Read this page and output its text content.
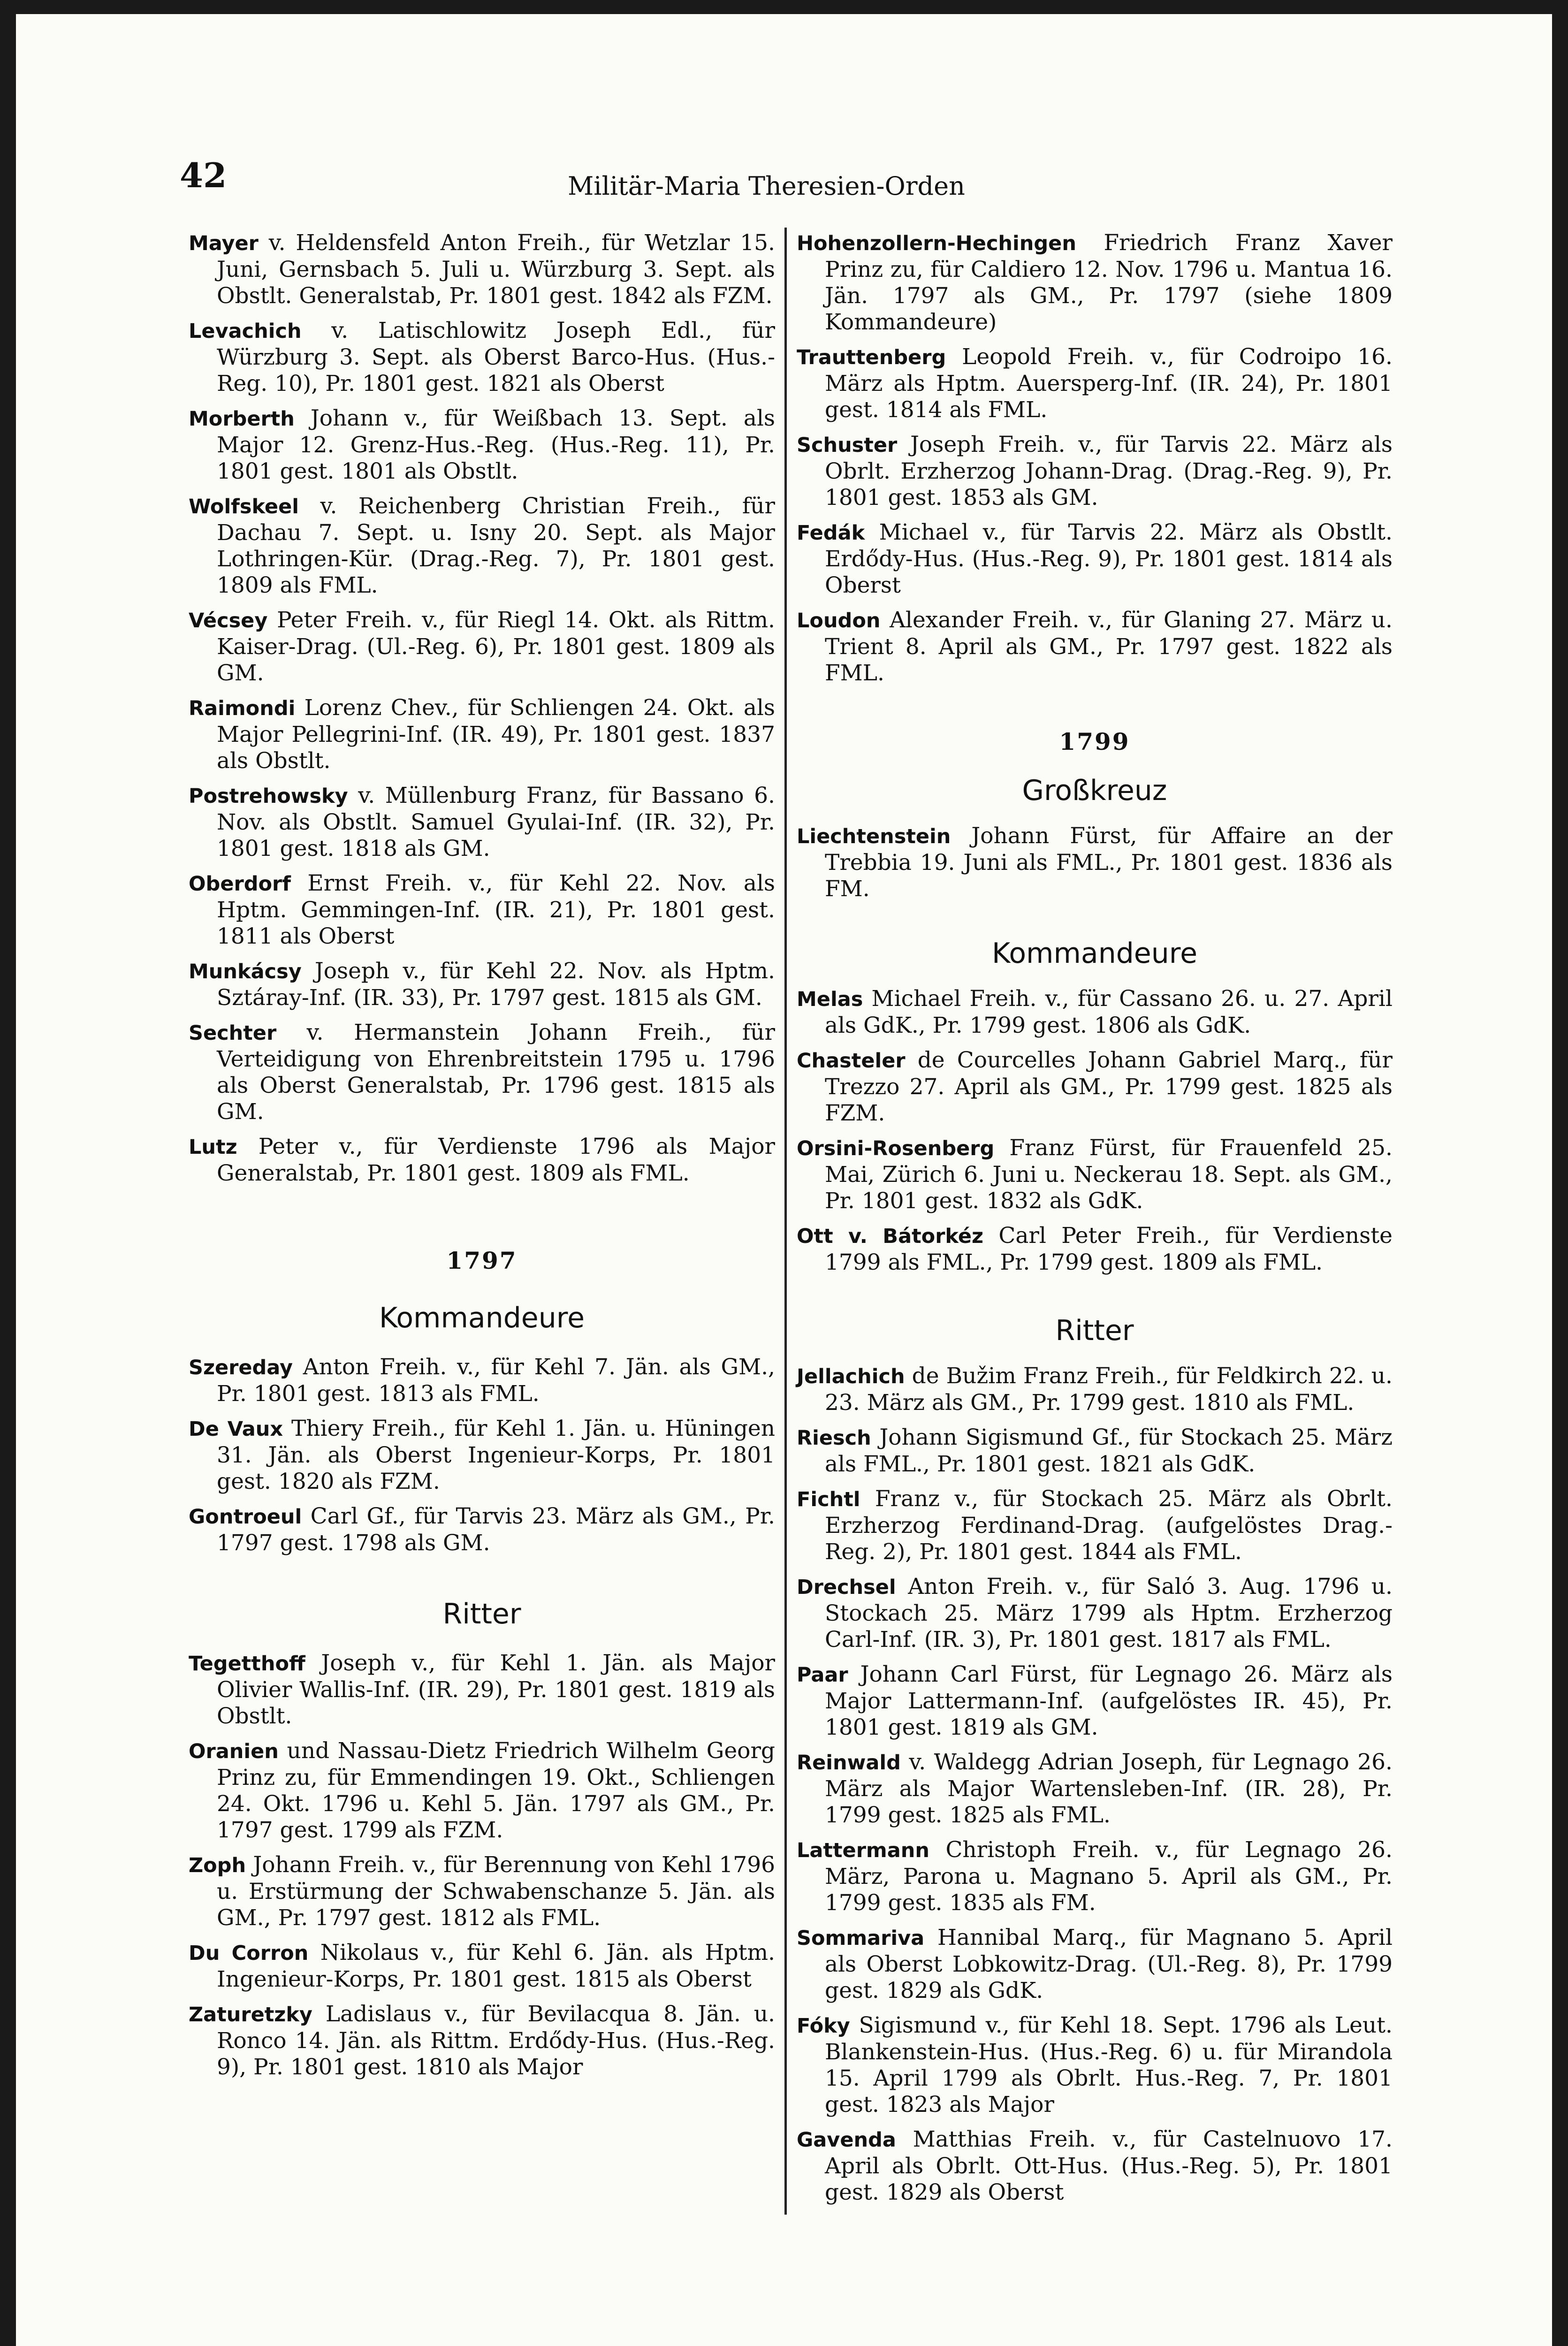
42	Militär-Maria Theresien-Orden

Mayer v. Heldensfeld Anton Freih., für Wetzlar 15. Juni, Gernsbach 5. Juli u. Würzburg 3. Sept. als Obstlt. Generalstab, Pr. 1801 gest. 1842 als FZM.

Levachich v. Latischlowitz Joseph Edl., für Würzburg 3. Sept. als Oberst Barco-Hus. (Hus.-Reg. 10), Pr. 1801 gest. 1821 als Oberst

Morberth Johann v., für Weißbach 13. Sept. als Major 12. Grenz-Hus.-Reg. (Hus.-Reg. 11), Pr. 1801 gest. 1801 als Obstlt.

Wolfskeel v. Reichenberg Christian Freih., für Dachau 7. Sept. u. Isny 20. Sept. als Major Lothringen-Kür. (Drag.-Reg. 7), Pr. 1801 gest. 1809 als FML.

Vécsey Peter Freih. v., für Riegl 14. Okt. als Rittm. Kaiser-Drag. (Ul.-Reg. 6), Pr. 1801 gest. 1809 als GM.

Raimondi Lorenz Chev., für Schliengen 24. Okt. als Major Pellegrini-Inf. (IR. 49), Pr. 1801 gest. 1837 als Obstlt.

Postrehowsky v. Müllenburg Franz, für Bassano 6. Nov. als Obstlt. Samuel Gyulai-Inf. (IR. 32), Pr. 1801 gest. 1818 als GM.

Oberdorf Ernst Freih. v., für Kehl 22. Nov. als Hptm. Gemmingen-Inf. (IR. 21), Pr. 1801 gest. 1811 als Oberst

Munkácsy Joseph v., für Kehl 22. Nov. als Hptm. Sztáray-Inf. (IR. 33), Pr. 1797 gest. 1815 als GM.

Sechter v. Hermanstein Johann Freih., für Verteidigung von Ehrenbreitstein 1795 u. 1796 als Oberst Generalstab, Pr. 1796 gest. 1815 als GM.

Lutz Peter v., für Verdienste 1796 als Major Generalstab, Pr. 1801 gest. 1809 als FML.

1797

Kommandeure

Szereday Anton Freih. v., für Kehl 7. Jän. als GM., Pr. 1801 gest. 1813 als FML.

De Vaux Thiery Freih., für Kehl 1. Jän. u. Hüningen 31. Jän. als Oberst Ingenieur-Korps, Pr. 1801 gest. 1820 als FZM.

Gontroeul Carl Gf., für Tarvis 23. März als GM., Pr. 1797 gest. 1798 als GM.

Ritter

Tegetthoff Joseph v., für Kehl 1. Jän. als Major Olivier Wallis-Inf. (IR. 29), Pr. 1801 gest. 1819 als Obstlt.

Oranien und Nassau-Dietz Friedrich Wilhelm Georg Prinz zu, für Emmendingen 19. Okt., Schliengen 24. Okt. 1796 u. Kehl 5. Jän. 1797 als GM., Pr. 1797 gest. 1799 als FZM.

Zoph Johann Freih. v., für Berennung von Kehl 1796 u. Erstürmung der Schwabenschanze 5. Jän. als GM., Pr. 1797 gest. 1812 als FML.

Du Corron Nikolaus v., für Kehl 6. Jän. als Hptm. Ingenieur-Korps, Pr. 1801 gest. 1815 als Oberst

Zaturetzky Ladislaus v., für Bevilacqua 8. Jän. u. Ronco 14. Jän. als Rittm. Erdődy-Hus. (Hus.-Reg. 9), Pr. 1801 gest. 1810 als Major

Hohenzollern-Hechingen Friedrich Franz Xaver Prinz zu, für Caldiero 12. Nov. 1796 u. Mantua 16. Jän. 1797 als GM., Pr. 1797 (siehe 1809 Kommandeure)

Trauttenberg Leopold Freih. v., für Codroipo 16. März als Hptm. Auersperg-Inf. (IR. 24), Pr. 1801 gest. 1814 als FML.

Schuster Joseph Freih. v., für Tarvis 22. März als Obrlt. Erzherzog Johann-Drag. (Drag.-Reg. 9), Pr. 1801 gest. 1853 als GM.

Fedák Michael v., für Tarvis 22. März als Obstlt. Erdődy-Hus. (Hus.-Reg. 9), Pr. 1801 gest. 1814 als Oberst

Loudon Alexander Freih. v., für Glaning 27. März u. Trient 8. April als GM., Pr. 1797 gest. 1822 als FML.

1799

Großkreuz

Liechtenstein Johann Fürst, für Affaire an der Trebbia 19. Juni als FML., Pr. 1801 gest. 1836 als FM.

Kommandeure

Melas Michael Freih. v., für Cassano 26. u. 27. April als GdK., Pr. 1799 gest. 1806 als GdK.

Chasteler de Courcelles Johann Gabriel Marq., für Trezzo 27. April als GM., Pr. 1799 gest. 1825 als FZM.

Orsini-Rosenberg Franz Fürst, für Frauenfeld 25. Mai, Zürich 6. Juni u. Neckerau 18. Sept. als GM., Pr. 1801 gest. 1832 als GdK.

Ott v. Bátorkéz Carl Peter Freih., für Verdienste 1799 als FML., Pr. 1799 gest. 1809 als FML.

Ritter

Jellachich de Bužim Franz Freih., für Feldkirch 22. u. 23. März als GM., Pr. 1799 gest. 1810 als FML.

Riesch Johann Sigismund Gf., für Stockach 25. März als FML., Pr. 1801 gest. 1821 als GdK.

Fichtl Franz v., für Stockach 25. März als Obrlt. Erzherzog Ferdinand-Drag. (aufgelöstes Drag.-Reg. 2), Pr. 1801 gest. 1844 als FML.

Drechsel Anton Freih. v., für Saló 3. Aug. 1796 u. Stockach 25. März 1799 als Hptm. Erzherzog Carl-Inf. (IR. 3), Pr. 1801 gest. 1817 als FML.

Paar Johann Carl Fürst, für Legnago 26. März als Major Lattermann-Inf. (aufgelöstes IR. 45), Pr. 1801 gest. 1819 als GM.

Reinwald v. Waldegg Adrian Joseph, für Legnago 26. März als Major Wartensleben-Inf. (IR. 28), Pr. 1799 gest. 1825 als FML.

Lattermann Christoph Freih. v., für Legnago 26. März, Parona u. Magnano 5. April als GM., Pr. 1799 gest. 1835 als FM.

Sommariva Hannibal Marq., für Magnano 5. April als Oberst Lobkowitz-Drag. (Ul.-Reg. 8), Pr. 1799 gest. 1829 als GdK.

Fóky Sigismund v., für Kehl 18. Sept. 1796 als Leut. Blankenstein-Hus. (Hus.-Reg. 6) u. für Mirandola 15. April 1799 als Obrlt. Hus.-Reg. 7, Pr. 1801 gest. 1823 als Major

Gavenda Matthias Freih. v., für Castelnuovo 17. April als Obrlt. Ott-Hus. (Hus.-Reg. 5), Pr. 1801 gest. 1829 als Oberst
